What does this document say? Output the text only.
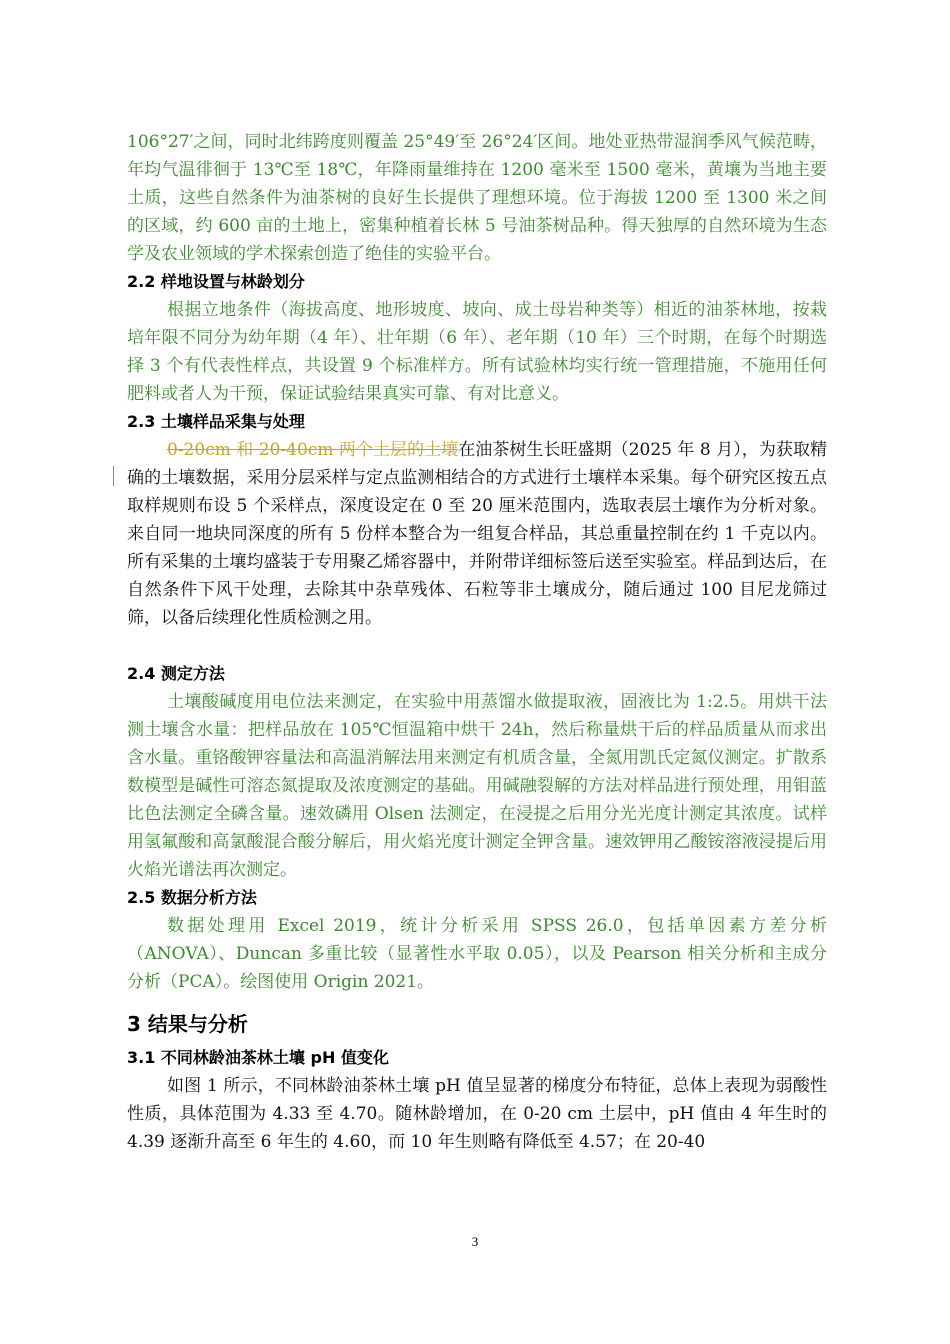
106°27′之间，同时北纬跨度则覆盖 25°49′至 26°24′区间。地处亚热带湿润季风气候范畴，年均气温徘徊于 13℃至 18℃，年降雨量维持在 1200 毫米至 1500 毫米，黄壤为当地主要土质，这些自然条件为油茶树的良好生长提供了理想环境。位于海拔 1200 至 1300 米之间的区域，约 600 亩的土地上，密集种植着长林 5 号油茶树品种。得天独厚的自然环境为生态学及农业领域的学术探索创造了绝佳的实验平台。

2.2 样地设置与林龄划分

根据立地条件（海拔高度、地形坡度、坡向、成土母岩种类等）相近的油茶林地，按栽培年限不同分为幼年期（4 年）、壮年期（6 年）、老年期（10 年）三个时期，在每个时期选择 3 个有代表性样点，共设置 9 个标准样方。所有试验林均实行统一管理措施，不施用任何肥料或者人为干预，保证试验结果真实可靠、有对比意义。

2.3 土壤样品采集与处理

0-20cm 和 20-40cm 两个土层的土壤在油茶树生长旺盛期（2025 年 8 月），为获取精确的土壤数据，采用分层采样与定点监测相结合的方式进行土壤样本采集。每个研究区按五点取样规则布设 5 个采样点，深度设定在 0 至 20 厘米范围内，选取表层土壤作为分析对象。来自同一地块同深度的所有 5 份样本整合为一组复合样品，其总重量控制在约 1 千克以内。所有采集的土壤均盛装于专用聚乙烯容器中，并附带详细标签后送至实验室。样品到达后，在自然条件下风干处理，去除其中杂草残体、石粒等非土壤成分，随后通过 100 目尼龙筛过筛，以备后续理化性质检测之用。

2.4 测定方法

土壤酸碱度用电位法来测定，在实验中用蒸馏水做提取液，固液比为 1:2.5。用烘干法测土壤含水量：把样品放在 105℃恒温箱中烘干 24h，然后称量烘干后的样品质量从而求出含水量。重铬酸钾容量法和高温消解法用来测定有机质含量，全氮用凯氏定氮仪测定。扩散系数模型是碱性可溶态氮提取及浓度测定的基础。用碱融裂解的方法对样品进行预处理，用钼蓝比色法测定全磷含量。速效磷用 Olsen 法测定，在浸提之后用分光光度计测定其浓度。试样用氢氟酸和高氯酸混合酸分解后，用火焰光度计测定全钾含量。速效钾用乙酸铵溶液浸提后用火焰光谱法再次测定。

2.5 数据分析方法

数据处理用 Excel 2019，统计分析采用 SPSS 26.0，包括单因素方差分析（ANOVA）、Duncan 多重比较（显著性水平取 0.05），以及 Pearson 相关分析和主成分分析（PCA）。绘图使用 Origin 2021。

3 结果与分析

3.1 不同林龄油茶林土壤 pH 值变化

如图 1 所示，不同林龄油茶林土壤 pH 值呈显著的梯度分布特征，总体上表现为弱酸性性质，具体范围为 4.33 至 4.70。随林龄增加，在 0-20 cm 土层中，pH 值由 4 年生时的 4.39 逐渐升高至 6 年生的 4.60，而 10 年生则略有降低至 4.57；在 20-40

3
